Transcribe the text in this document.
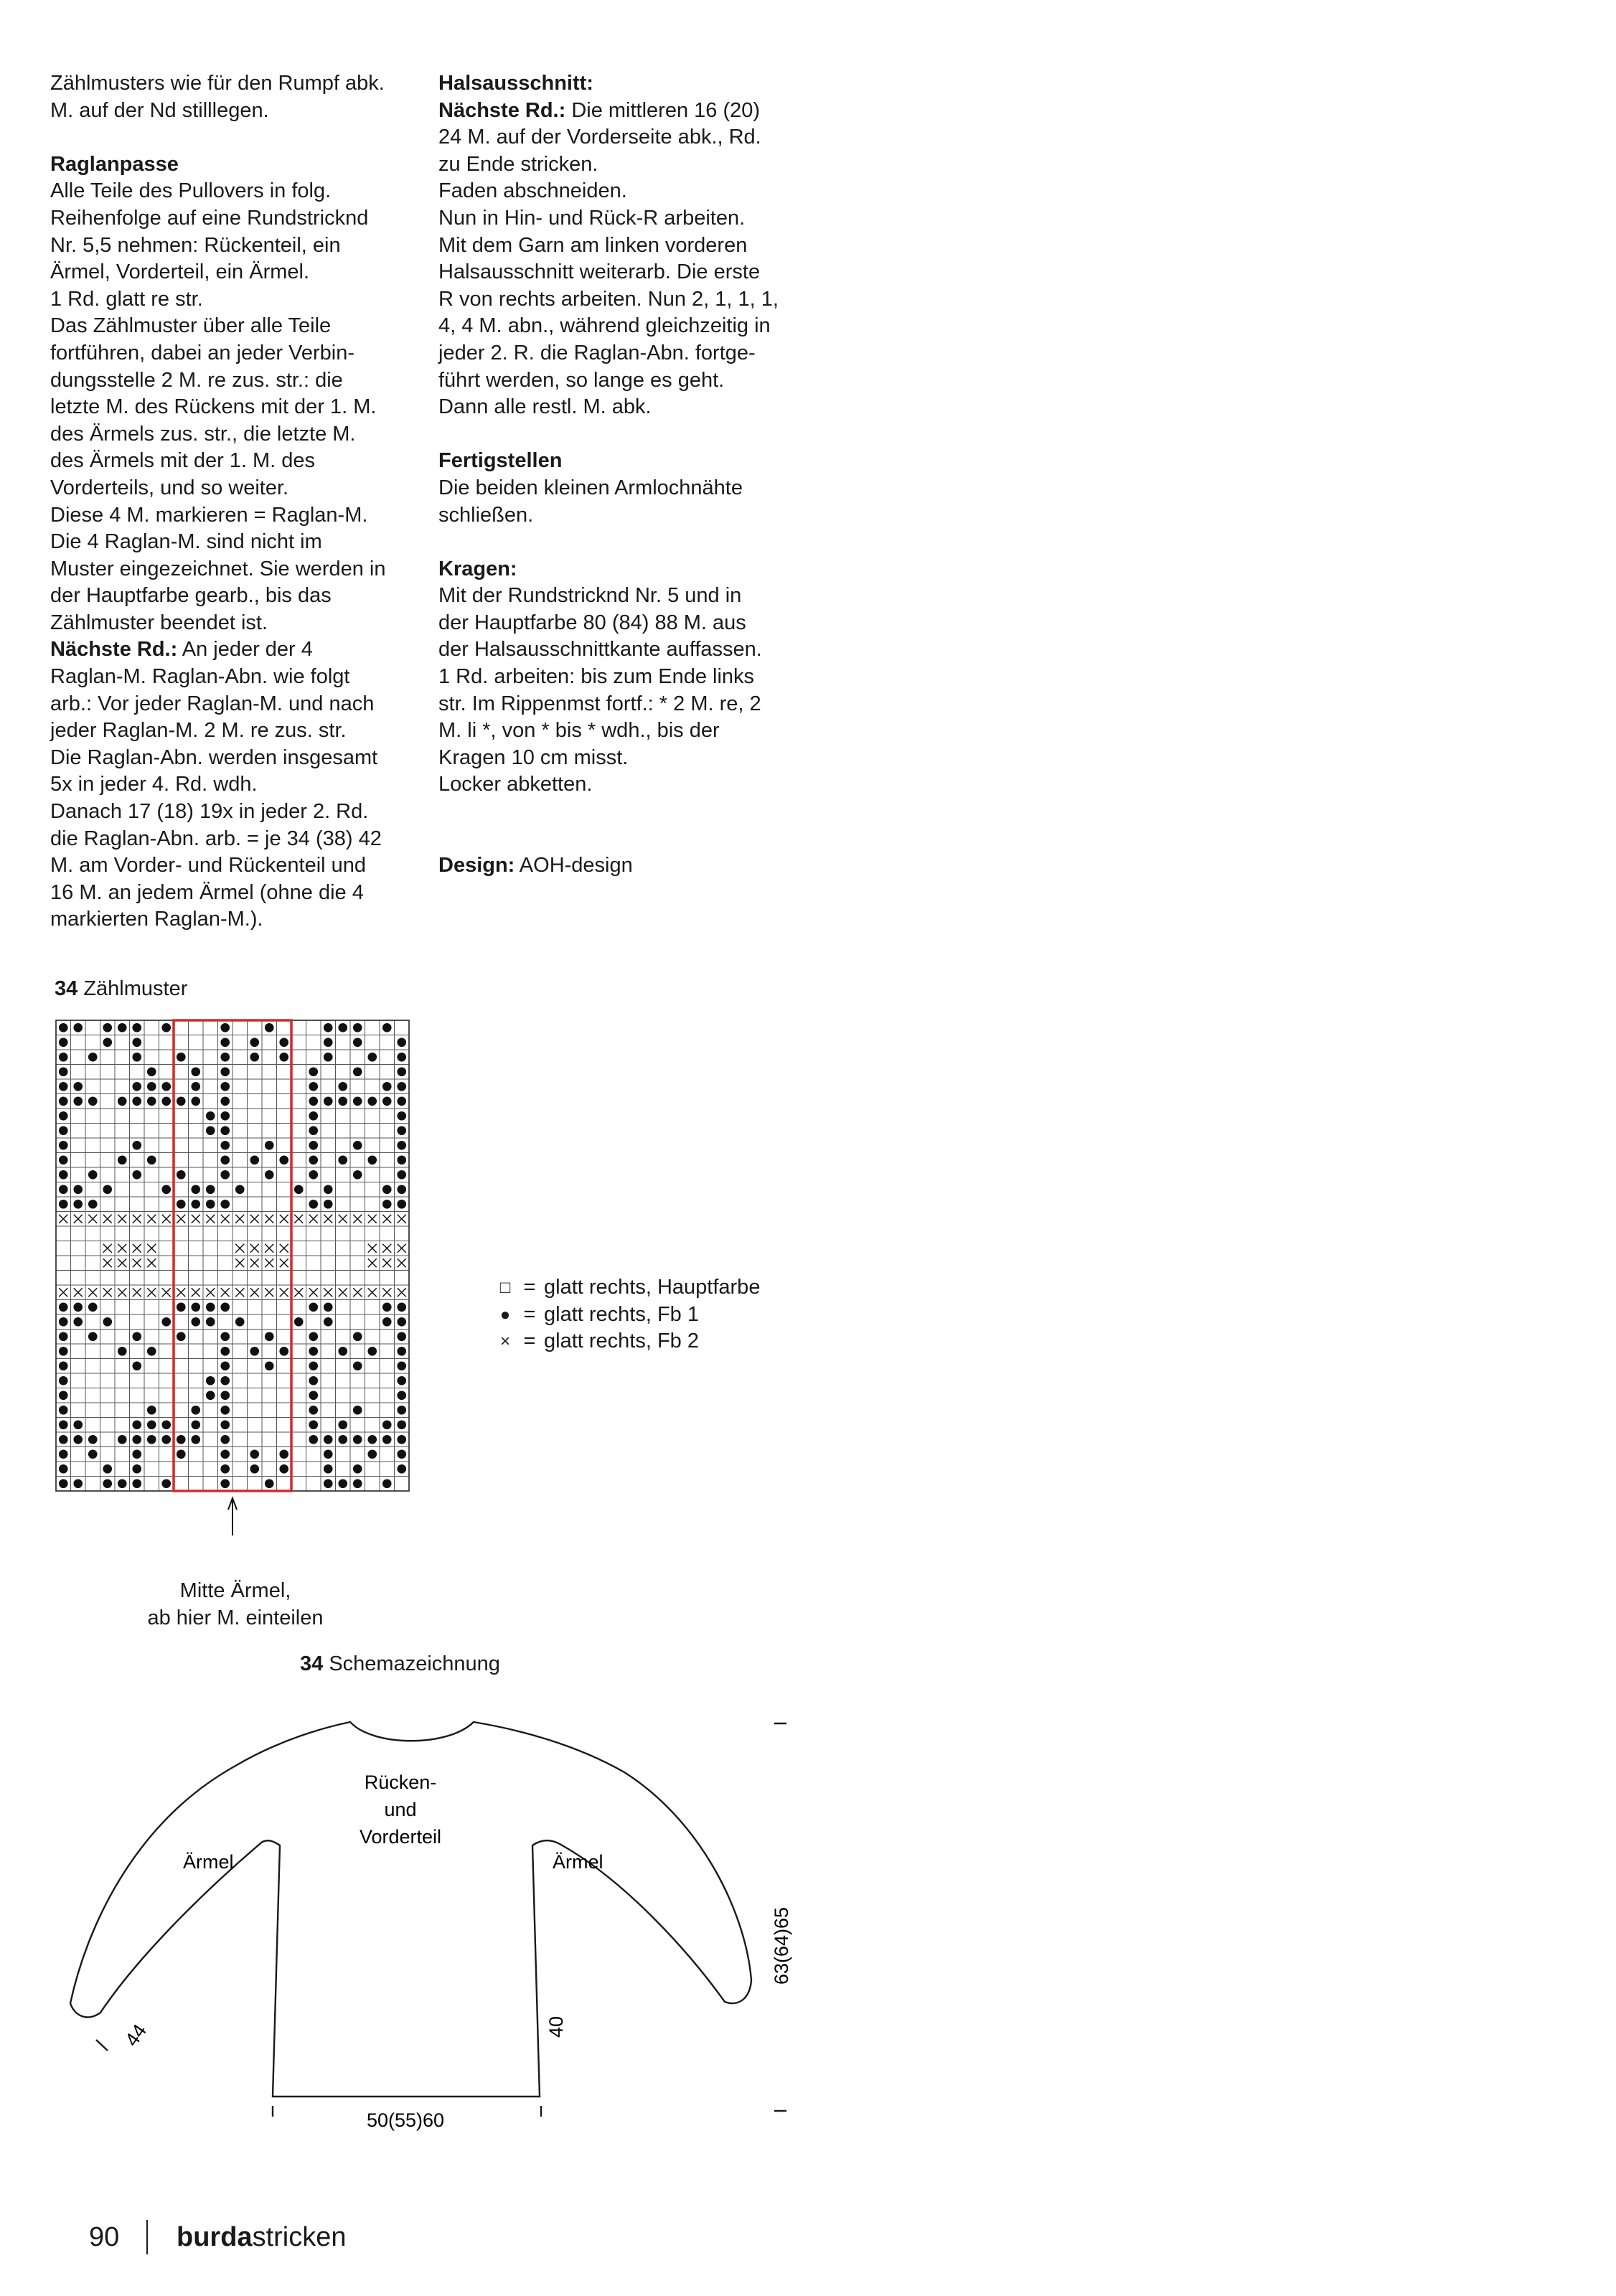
Zählmusters wie für den Rumpf abk.
M. auf der Nd stilllegen.
Raglanpasse
Alle Teile des Pullovers in folg.
Reihenfolge auf eine Rundstricknd
Nr. 5,5 nehmen: Rückenteil, ein
Ärmel, Vorderteil, ein Ärmel.
1 Rd. glatt re str.
Das Zählmuster über alle Teile
fortführen, dabei an jeder Verbin-
dungsstelle 2 M. re zus. str.: die
letzte M. des Rückens mit der 1. M.
des Ärmels zus. str., die letzte M.
des Ärmels mit der 1. M. des
Vorderteils, und so weiter.
Diese 4 M. markieren = Raglan-M.
Die 4 Raglan-M. sind nicht im
Muster eingezeichnet. Sie werden in
der Hauptfarbe gearb., bis das
Zählmuster beendet ist.
Nächste Rd.: An jeder der 4
Raglan-M. Raglan-Abn. wie folgt
arb.: Vor jeder Raglan-M. und nach
jeder Raglan-M. 2 M. re zus. str.
Die Raglan-Abn. werden insgesamt
5x in jeder 4. Rd. wdh.
Danach 17 (18) 19x in jeder 2. Rd.
die Raglan-Abn. arb. = je 34 (38) 42
M. am Vorder- und Rückenteil und
16 M. an jedem Ärmel (ohne die 4
markierten Raglan-M.).
Halsausschnitt:
Nächste Rd.: Die mittleren 16 (20)
24 M. auf der Vorderseite abk., Rd.
zu Ende stricken.
Faden abschneiden.
Nun in Hin- und Rück-R arbeiten.
Mit dem Garn am linken vorderen
Halsausschnitt weiterarb. Die erste
R von rechts arbeiten. Nun 2, 1, 1, 1,
4, 4 M. abn., während gleichzeitig in
jeder 2. R. die Raglan-Abn. fortge-
führt werden, so lange es geht.
Dann alle restl. M. abk.
Fertigstellen
Die beiden kleinen Armlochnähte
schließen.
Kragen:
Mit der Rundstricknd Nr. 5 und in
der Hauptfarbe 80 (84) 88 M. aus
der Halsausschnittkante auffassen.
1 Rd. arbeiten: bis zum Ende links
str. Im Rippenmst fortf.: * 2 M. re, 2
M. li *, von * bis * wdh., bis der
Kragen 10 cm misst.
Locker abketten.
Design: AOH-design
34 Zählmuster
□ = glatt rechts, Hauptfarbe
● = glatt rechts, Fb 1
× = glatt rechts, Fb 2
Mitte Ärmel,
ab hier M. einteilen
34 Schemazeichnung
Rücken-
und
Vorderteil
Ärmel	Ärmel
44	40
50(55)60
63(64)65
90	burdastricken
